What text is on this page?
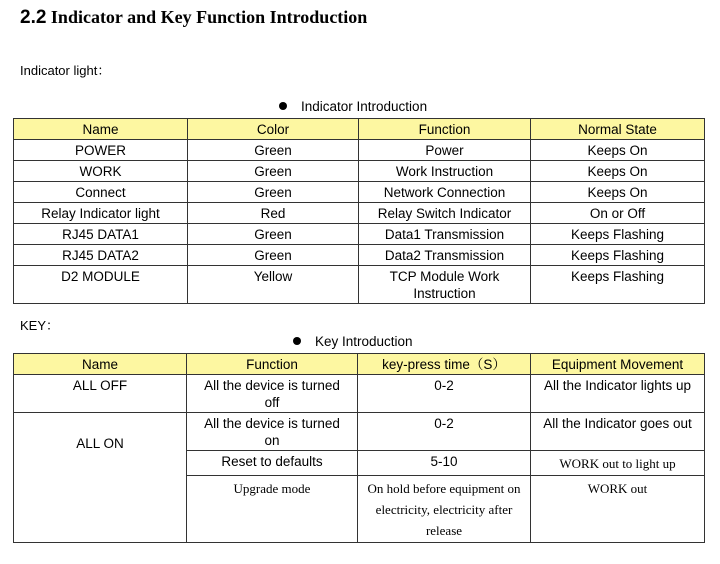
2.2 Indicator and Key Function Introduction
Indicator light：
Indicator Introduction
Name	Color	Function	Normal State
POWER	Green	Power	Keeps On
WORK	Green	Work Instruction	Keeps On
Connect	Green	Network Connection	Keeps On
Relay Indicator light	Red	Relay Switch Indicator	On or Off
RJ45 DATA1	Green	Data1 Transmission	Keeps Flashing
RJ45 DATA2	Green	Data2 Transmission	Keeps Flashing
D2 MODULE	Yellow	TCP Module Work Instruction	Keeps Flashing
KEY：
Key Introduction
Name	Function	key-press time（S）	Equipment Movement
ALL OFF	All the device is turned off	0-2	All the Indicator lights up
ALL ON	All the device is turned on	0-2	All the Indicator goes out
	Reset to defaults	5-10	WORK out to light up
	Upgrade mode	On hold before equipment on electricity, electricity after release	WORK out
